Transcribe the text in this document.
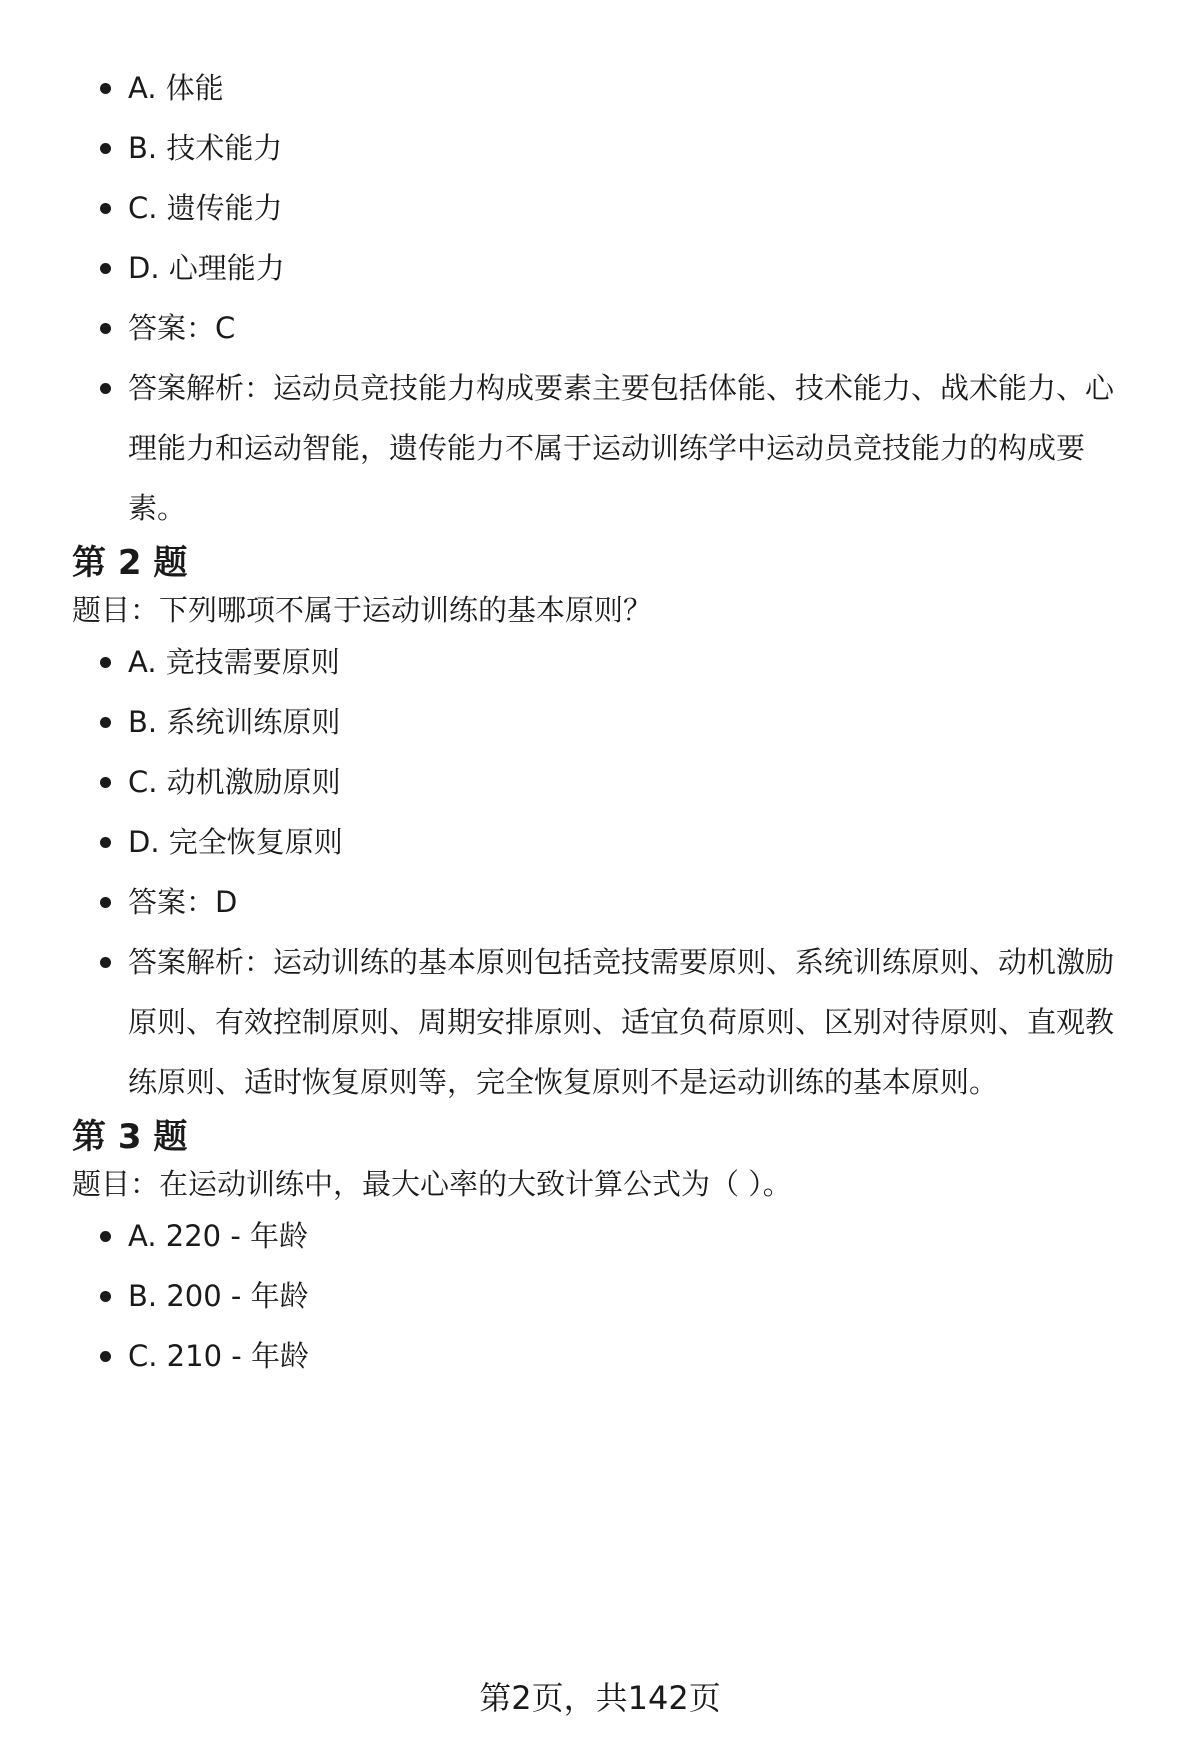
A. 体能
B. 技术能力
C. 遗传能力
D. 心理能力
答案：C
答案解析：运动员竞技能力构成要素主要包括体能、技术能力、战术能力、心理能力和运动智能，遗传能力不属于运动训练学中运动员竞技能力的构成要素。
第 2 题

题目：下列哪项不属于运动训练的基本原则？

A. 竞技需要原则
B. 系统训练原则
C. 动机激励原则
D. 完全恢复原则
答案：D
答案解析：运动训练的基本原则包括竞技需要原则、系统训练原则、动机激励原则、有效控制原则、周期安排原则、适宜负荷原则、区别对待原则、直观教练原则、适时恢复原则等，完全恢复原则不是运动训练的基本原则。
第 3 题

题目：在运动训练中，最大心率的大致计算公式为（ ）。

A. 220 - 年龄
B. 200 - 年龄
C. 210 - 年龄
第2页，共142页
